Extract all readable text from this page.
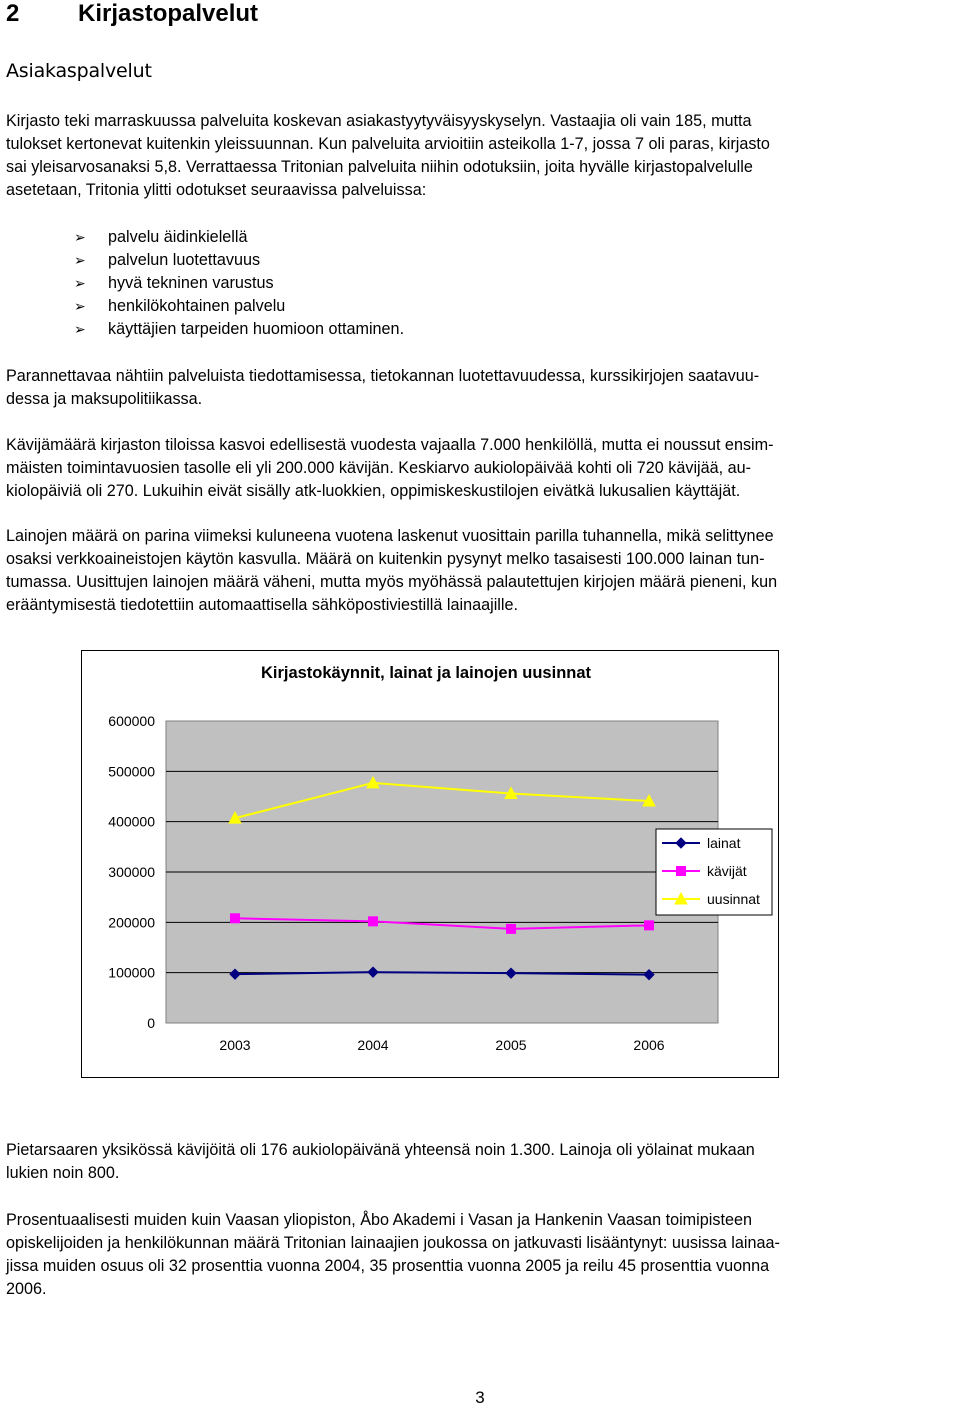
2 Kirjastopalvelut
Asiakaspalvelut
Kirjasto teki marraskuussa palveluita koskevan asiakastyytyväisyyskyselyn. Vastaajia oli vain 185, mutta
tulokset kertonevat kuitenkin yleissuunnan. Kun palveluita arvioitiin asteikolla 1-7, jossa 7 oli paras, kirjasto
sai yleisarvosanaksi 5,8. Verrattaessa Tritonian palveluita niihin odotuksiin, joita hyvälle kirjastopalvelulle
asetetaan, Tritonia ylitti odotukset seuraavissa palveluissa:
➢ palvelu äidinkielellä
➢ palvelun luotettavuus
➢ hyvä tekninen varustus
➢ henkilökohtainen palvelu
➢ käyttäjien tarpeiden huomioon ottaminen.
Parannettavaa nähtiin palveluista tiedottamisessa, tietokannan luotettavuudessa, kurssikirjojen saatavuu-
dessa ja maksupolitiikassa.
Kävijämäärä kirjaston tiloissa kasvoi edellisestä vuodesta vajaalla 7.000 henkilöllä, mutta ei noussut ensim-
mäisten toimintavuosien tasolle eli yli 200.000 kävijän. Keskiarvo aukiolopäivää kohti oli 720 kävijää, au-
kiolopäiviä oli 270. Lukuihin eivät sisälly atk-luokkien, oppimiskeskustilojen eivätkä lukusalien käyttäjät.
Lainojen määrä on parina viimeksi kuluneena vuotena laskenut vuosittain parilla tuhannella, mikä selittynee
osaksi verkkoaineistojen käytön kasvulla. Määrä on kuitenkin pysynyt melko tasaisesti 100.000 lainan tun-
tumassa. Uusittujen lainojen määrä väheni, mutta myös myöhässä palautettujen kirjojen määrä pieneni, kun
erääntymisestä tiedotettiin automaattisella sähköpostiviestillä lainaajille.
Kirjastokäynnit, lainat ja lainojen uusinnat
0
100000
200000
300000
400000
500000
600000
2003	2004	2005	2006
lainat
kävijät
uusinnat
Pietarsaaren yksikössä kävijöitä oli 176 aukiolopäivänä yhteensä noin 1.300. Lainoja oli yölainat mukaan
lukien noin 800.
Prosentuaalisesti muiden kuin Vaasan yliopiston, Åbo Akademi i Vasan ja Hankenin Vaasan toimipisteen
opiskelijoiden ja henkilökunnan määrä Tritonian lainaajien joukossa on jatkuvasti lisääntynyt: uusissa lainaa-
jissa muiden osuus oli 32 prosenttia vuonna 2004, 35 prosenttia vuonna 2005 ja reilu 45 prosenttia vuonna
2006.
3
